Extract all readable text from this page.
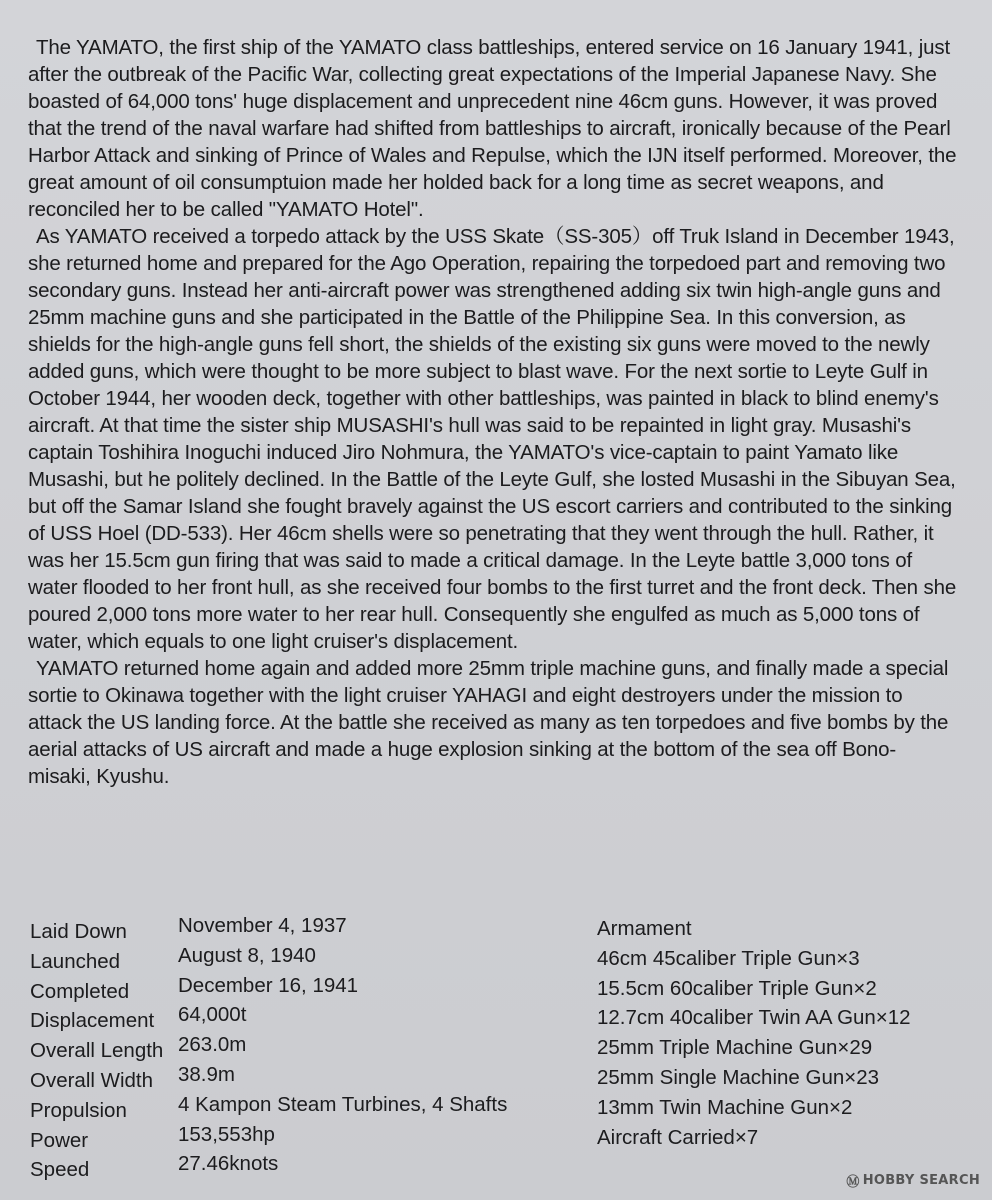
The YAMATO, the first ship of the YAMATO class battleships, entered service on 16 January 1941, just after the outbreak of the Pacific War, collecting great expectations of the Imperial Japanese Navy. She boasted of 64,000 tons' huge displacement and unprecedent nine 46cm guns. However, it was proved that the trend of the naval warfare had shifted from battleships to aircraft, ironically because of the Pearl Harbor Attack and sinking of Prince of Wales and Repulse, which the IJN itself performed. Moreover, the great amount of oil consumptuion made her holded back for a long time as secret weapons, and reconciled her to be called "YAMATO Hotel".

As YAMATO received a torpedo attack by the USS Skate（SS-305）off Truk Island in December 1943, she returned home and prepared for the Ago Operation, repairing the torpedoed part and removing two secondary guns. Instead her anti-aircraft power was strengthened adding six twin high-angle guns and 25mm machine guns and she participated in the Battle of the Philippine Sea. In this conversion, as shields for the high-angle guns fell short, the shields of the existing six guns were moved to the newly added guns, which were thought to be more subject to blast wave. For the next sortie to Leyte Gulf in October 1944, her wooden deck, together with other battleships, was painted in black to blind enemy's aircraft. At that time the sister ship MUSASHI's hull was said to be repainted in light gray. Musashi's captain Toshihira Inoguchi induced Jiro Nohmura, the YAMATO's vice-captain to paint Yamato like Musashi, but he politely declined. In the Battle of the Leyte Gulf, she losted Musashi in the Sibuyan Sea, but off the Samar Island she fought bravely against the US escort carriers and contributed to the sinking of USS Hoel (DD-533). Her 46cm shells were so penetrating that they went through the hull. Rather, it was her 15.5cm gun firing that was said to made a critical damage. In the Leyte battle 3,000 tons of water flooded to her front hull, as she received four bombs to the first turret and the front deck. Then she poured 2,000 tons more water to her rear hull. Consequently she engulfed as much as 5,000 tons of water, which equals to one light cruiser's displacement.

YAMATO returned home again and added more 25mm triple machine guns, and finally made a special sortie to Okinawa together with the light cruiser YAHAGI and eight destroyers under the mission to attack the US landing force. At the battle she received as many as ten torpedoes and five bombs by the aerial attacks of US aircraft and made a huge explosion sinking at the bottom of the sea off Bono-misaki, Kyushu.

Laid Down November 4, 1937
Launched	August 8, 1940
Completed December 16, 1941
Displacement 64,000t
Overall Length 263.0m
Overall Width 38.9m
Propulsion 4 Kampon Steam Turbines, 4 Shafts
Power	153,553hp
Speed	27.46knots
Armament
46cm 45caliber Triple Gun×3
15.5cm 60caliber Triple Gun×2
12.7cm 40caliber Twin AA Gun×12
25mm Triple Machine Gun×29
25mm Single Machine Gun×23
13mm Twin Machine Gun×2
Aircraft Carried×7
Ⓜ HOBBY SEARCH
